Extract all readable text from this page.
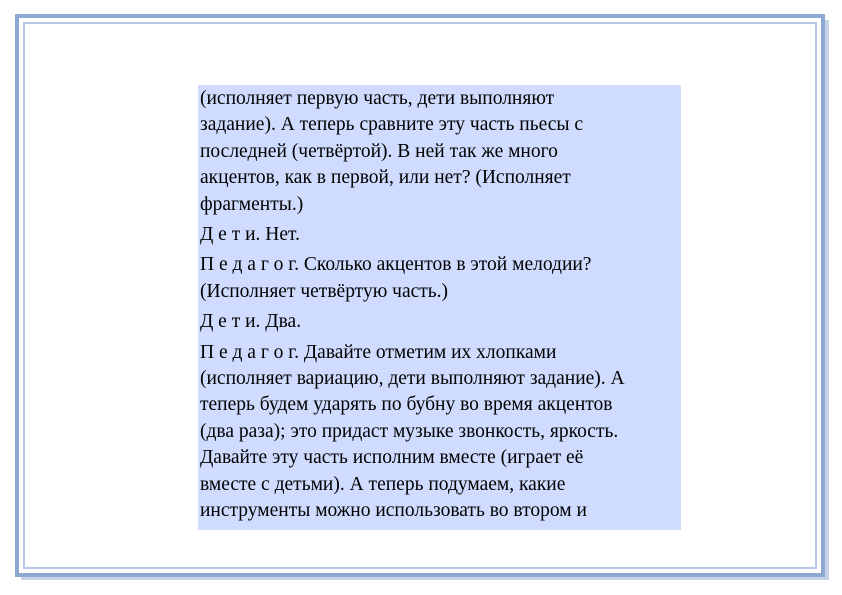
(исполняет первую часть, дети выполняют
задание). А теперь сравните эту часть пьесы с
последней (четвёртой). В ней так же много
акцентов, как в первой, или нет? (Исполняет
фрагменты.)

Д е т и. Нет.

П е д а г о г. Сколько акцентов в этой мелодии?
(Исполняет четвёртую часть.)

Д е т и. Два.

П е д а г о г. Давайте отметим их хлопками
(исполняет вариацию, дети выполняют задание). А
теперь будем ударять по бубну во время акцентов
(два раза); это придаст музыке звонкость, яркость.
Давайте эту часть исполним вместе (играет её
вместе с детьми). А теперь подумаем, какие
инструменты можно использовать во втором и
